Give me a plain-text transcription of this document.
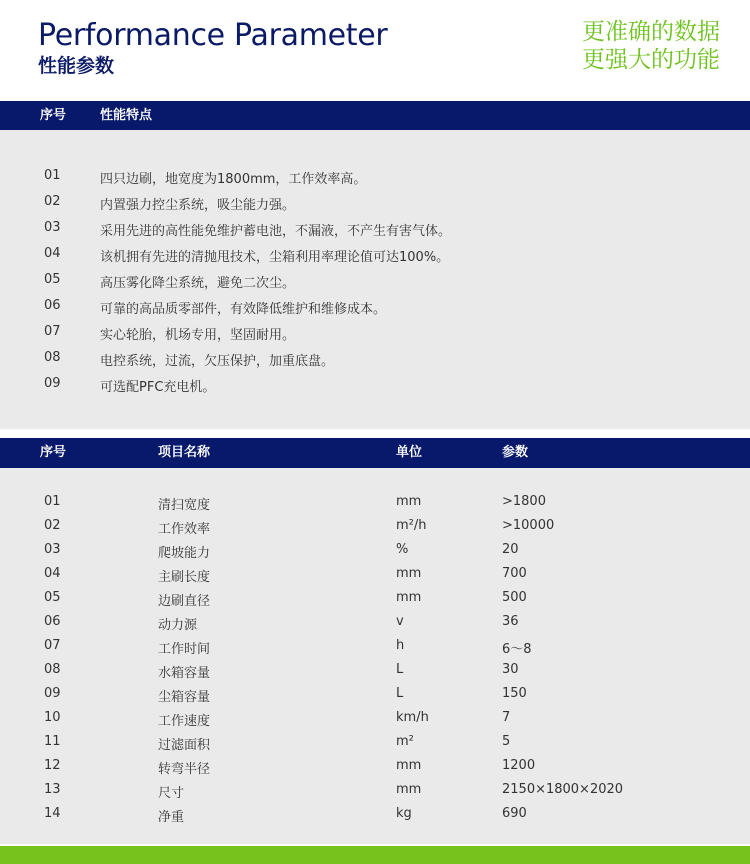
Performance Parameter
性能参数
更准确的数据
更强大的功能
序号	性能特点
01	四只边刷，地宽度为1800mm，工作效率高。
02	内置强力控尘系统，吸尘能力强。
03	采用先进的高性能免维护蓄电池，不漏液，不产生有害气体。
04	该机拥有先进的清抛甩技术，尘箱利用率理论值可达100%。
05	高压雾化降尘系统，避免二次尘。
06	可靠的高品质零部件，有效降低维护和维修成本。
07	实心轮胎，机场专用，坚固耐用。
08	电控系统，过流，欠压保护，加重底盘。
09	可选配PFC充电机。
序号	项目名称	单位	参数
01	清扫宽度	mm	>1800
02	工作效率	m²/h	>10000
03	爬坡能力	%	20
04	主刷长度	mm	700
05	边刷直径	mm	500
06	动力源	v	36
07	工作时间	h	6～8
08	水箱容量	L	30
09	尘箱容量	L	150
10	工作速度	km/h	7
11	过滤面积	m²	5
12	转弯半径	mm	1200
13	尺寸	mm	2150×1800×2020
14	净重	kg	690
